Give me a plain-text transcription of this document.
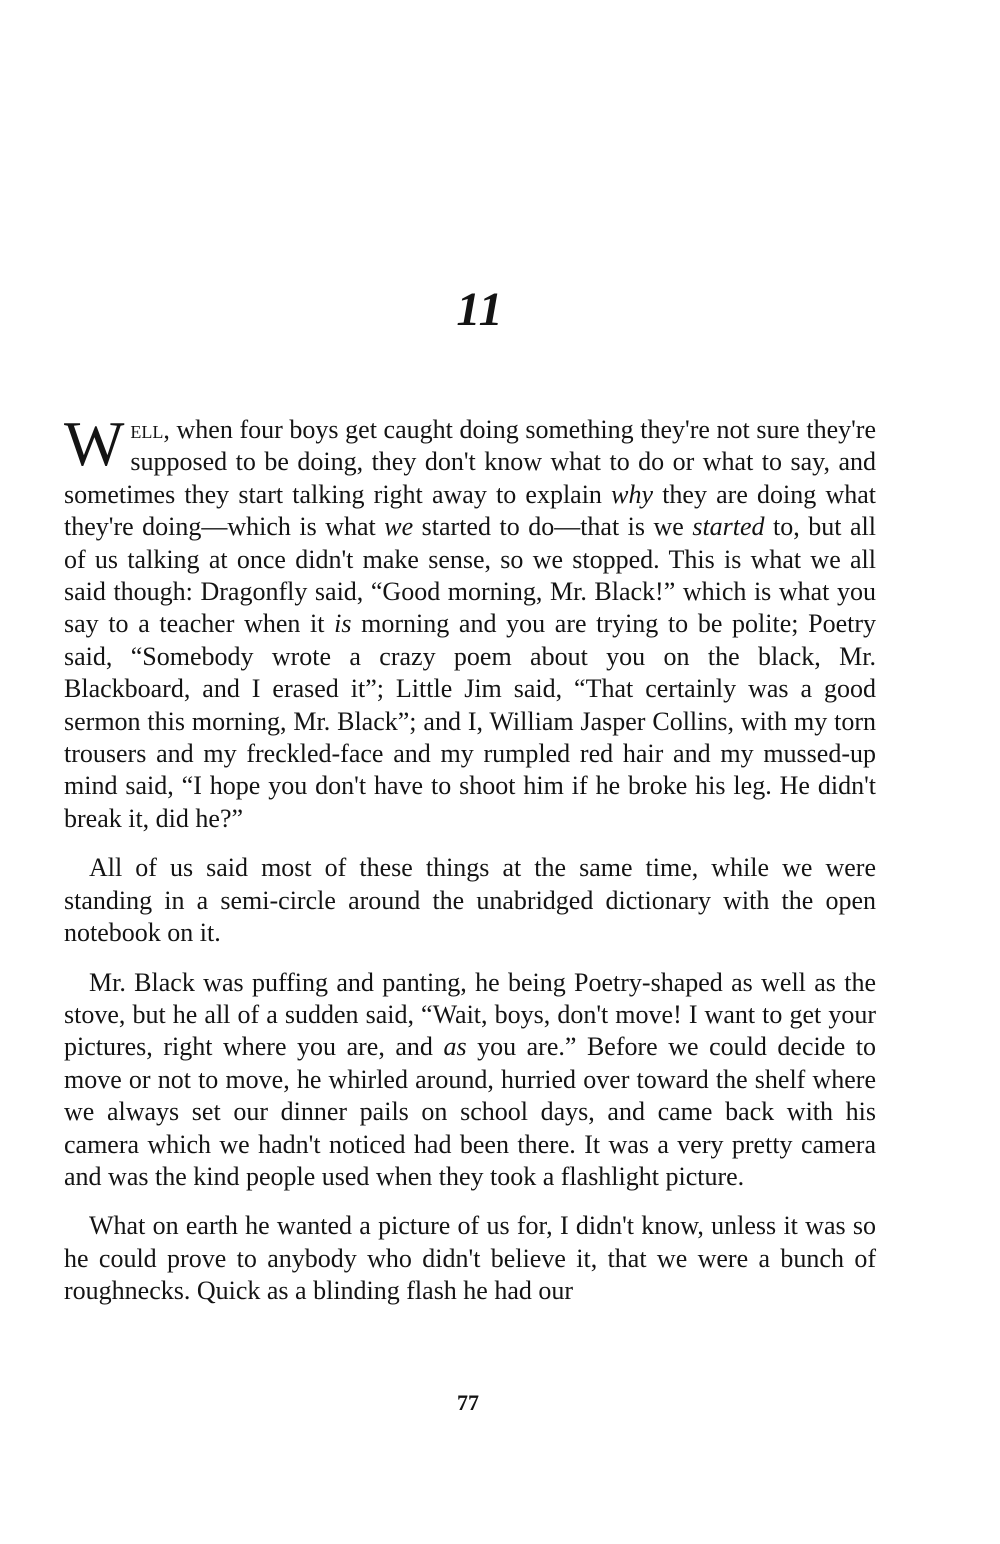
11

Well, when four boys get caught doing something they're not sure they're supposed to be doing, they don't know what to do or what to say, and sometimes they start talking right away to explain why they are doing what they're doing—which is what we started to do—that is we started to, but all of us talking at once didn't make sense, so we stopped. This is what we all said though: Dragonfly said, “Good morning, Mr. Black!” which is what you say to a teacher when it is morning and you are trying to be polite; Poetry said, “Somebody wrote a crazy poem about you on the black, Mr. Blackboard, and I erased it”; Little Jim said, “That certainly was a good sermon this morning, Mr. Black”; and I, William Jasper Collins, with my torn trousers and my freckled-face and my rumpled red hair and my mussed-up mind said, “I hope you don't have to shoot him if he broke his leg. He didn't break it, did he?”

All of us said most of these things at the same time, while we were standing in a semi-circle around the unabridged dictionary with the open notebook on it.

Mr. Black was puffing and panting, he being Poetry-shaped as well as the stove, but he all of a sudden said, “Wait, boys, don't move! I want to get your pictures, right where you are, and as you are.” Before we could decide to move or not to move, he whirled around, hurried over toward the shelf where we always set our dinner pails on school days, and came back with his camera which we hadn't noticed had been there. It was a very pretty camera and was the kind people used when they took a flashlight picture.

What on earth he wanted a picture of us for, I didn't know, unless it was so he could prove to anybody who didn't believe it, that we were a bunch of roughnecks. Quick as a blinding flash he had our

77
